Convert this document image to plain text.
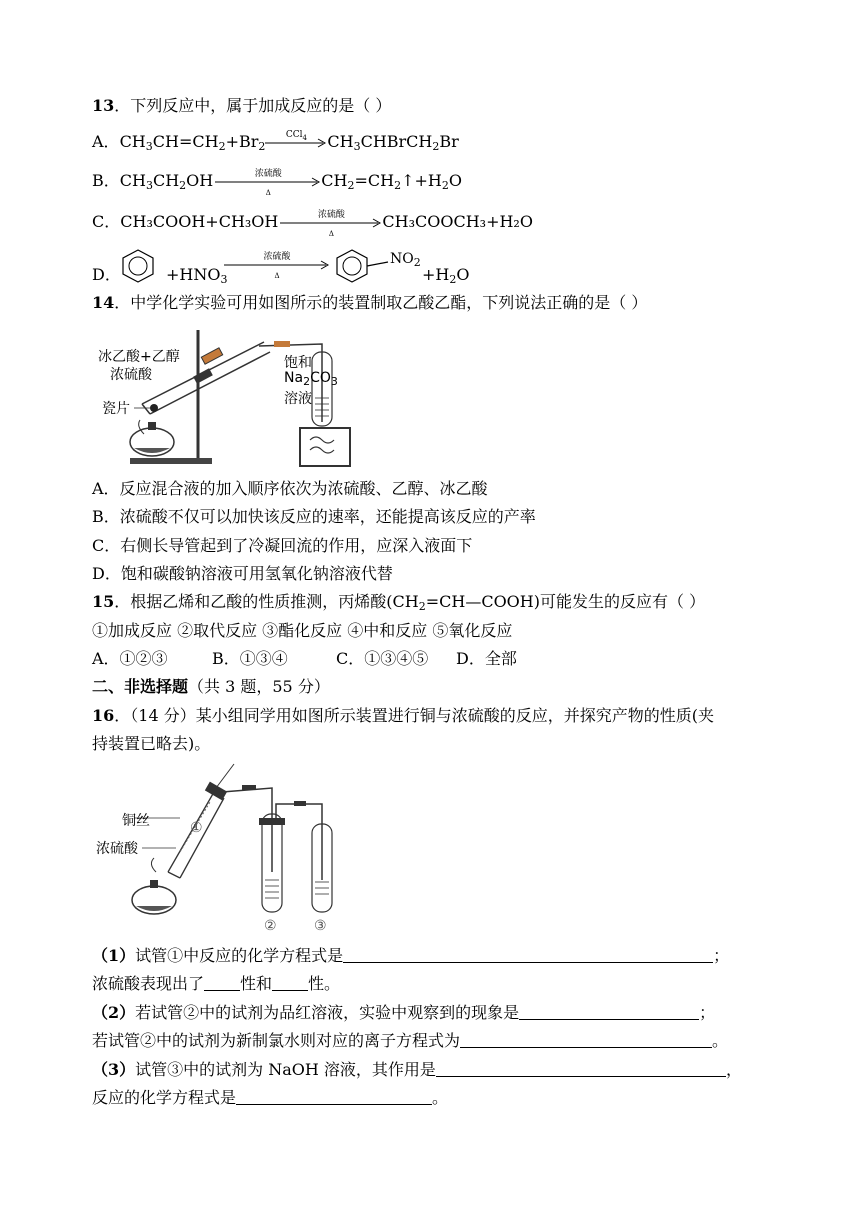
13．下列反应中，属于加成反应的是（ ）
A．$CH_3CH=CH_2+Br_2$
CCl$_4$	$CH_3CHBrCH_2Br$
B．$CH_3CH_2OH$	浓硫酸
Δ
$CH_2=CH_2↑+H_2O$
C．CH₃COOH+CH₃OH	浓硫酸
Δ
CH₃COOCH₃+H₂O
D．	$+HNO_3$
浓硫酸
Δ
$NO_2$
$+H_2O$
14．中学化学实验可用如图所示的装置制取乙酸乙酯，下列说法正确的是（ ）
冰乙酸+乙醇
浓硫酸
瓷片
饱和
$Na_2CO_3$
溶液
A．反应混合液的加入顺序依次为浓硫酸、乙醇、冰乙酸
B．浓硫酸不仅可以加快该反应的速率，还能提高该反应的产率
C．右侧长导管起到了冷凝回流的作用，应深入液面下
D．饱和碳酸钠溶液可用氢氧化钠溶液代替
15．根据乙烯和乙酸的性质推测，丙烯酸$(CH_2=CH—COOH)$可能发生的反应有（ ）
①加成反应 ②取代反应 ③酯化反应 ④中和反应 ⑤氧化反应
A．①②③	B．①③④	C．①③④⑤ D．全部
二、非选择题（共 3 题，55 分）
16．（14 分）某小组同学用如图所示装置进行铜与浓硫酸的反应，并探究产物的性质(夹
持装置已略去)。
铜丝
浓硫酸
①
②	③
（1）试管①中反应的化学方程式是	；
浓硫酸表现出了 性和 性。
（2）若试管②中的试剂为品红溶液，实验中观察到的现象是	；
若试管②中的试剂为新制氯水则对应的离子方程式为	。
（3）试管③中的试剂为 NaOH 溶液，其作用是	，
反应的化学方程式是	。
